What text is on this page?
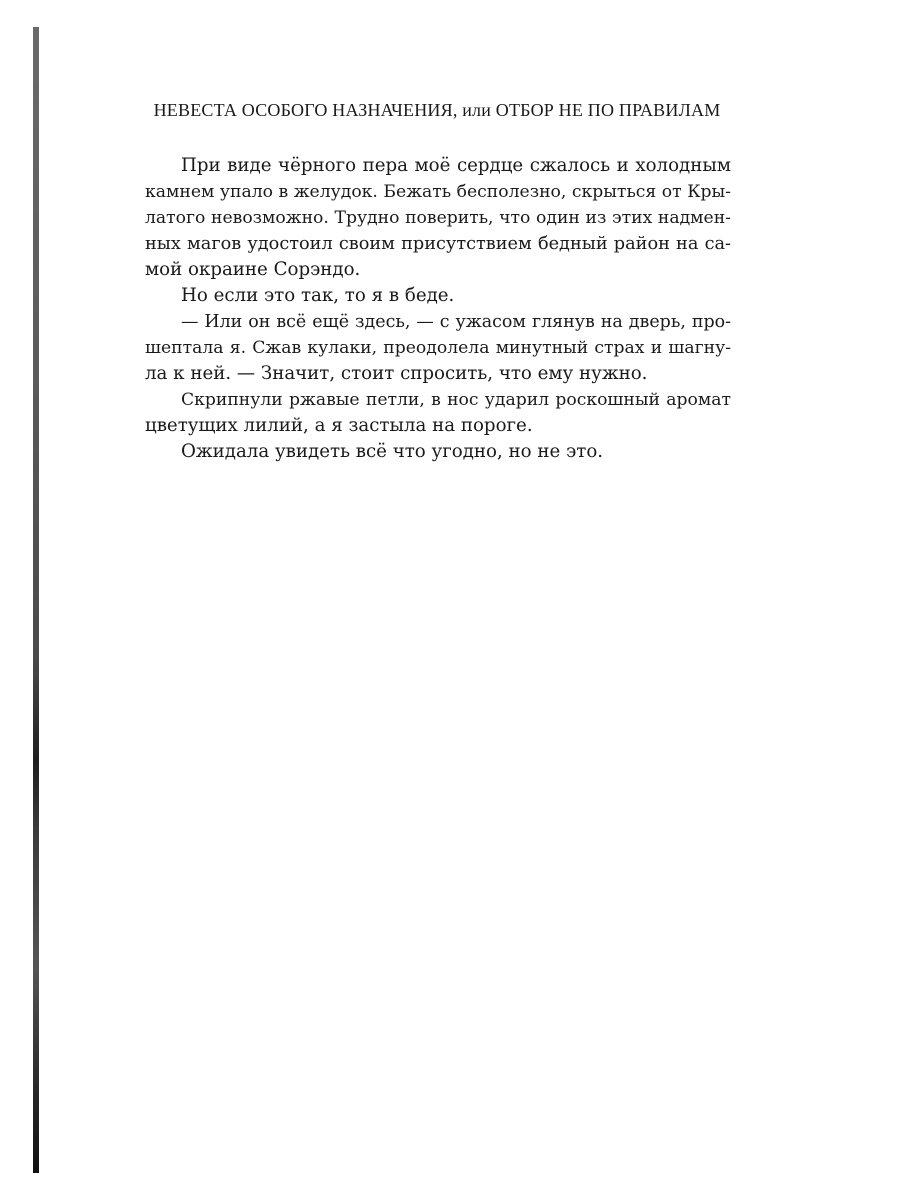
НЕВЕСТА ОСОБОГО НАЗНАЧЕНИЯ, или ОТБОР НЕ ПО ПРАВИЛАМ
При виде чёрного пера моё сердце сжалось и холодным
камнем упало в желудок. Бежать бесполезно, скрыться от Кры-
латого невозможно. Трудно поверить, что один из этих надмен-
ных магов удостоил своим присутствием бедный район на са-
мой окраине Сорэндо.
Но если это так, то я в беде.
— Или он всё ещё здесь, — с ужасом глянув на дверь, про-
шептала я. Сжав кулаки, преодолела минутный страх и шагну-
ла к ней. — Значит, стоит спросить, что ему нужно.
Скрипнули ржавые петли, в нос ударил роскошный аромат
цветущих лилий, а я застыла на пороге.
Ожидала увидеть всё что угодно, но не это.
